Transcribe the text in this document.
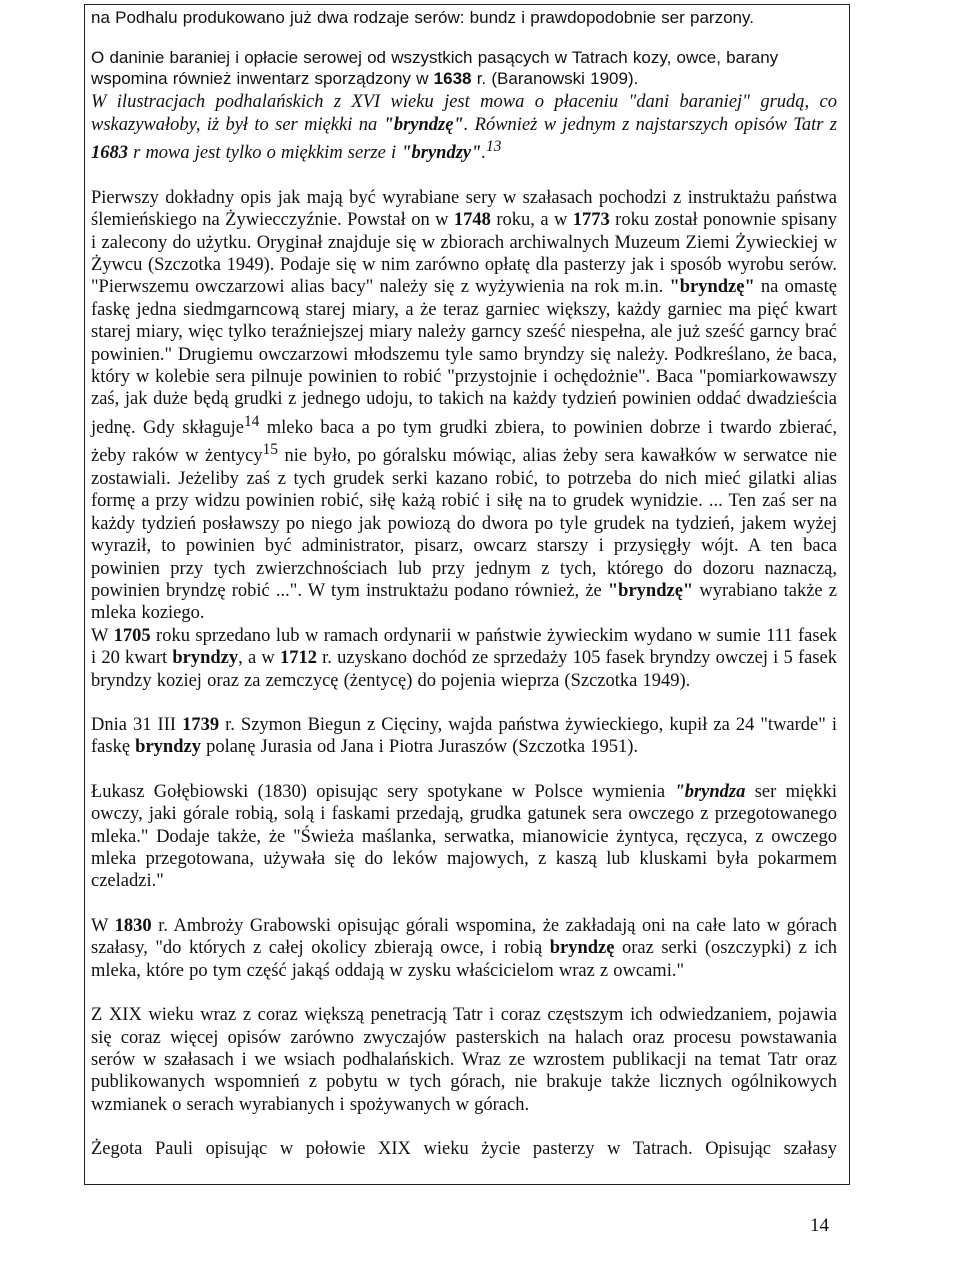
na Podhalu produkowano już dwa rodzaje serów: bundz i prawdopodobnie ser parzony.

O daninie baraniej i opłacie serowej od wszystkich pasących w Tatrach kozy, owce, barany wspomina również inwentarz sporządzony w 1638 r. (Baranowski 1909).

W ilustracjach podhalańskich z XVI wieku jest mowa o płaceniu "dani baraniej" grudą, co wskazywałoby, iż był to ser miękki na "bryndzę". Również w jednym z najstarszych opisów Tatr z 1683 r mowa jest tylko o miękkim serze i "bryndzy".$^{13}$

Pierwszy dokładny opis jak mają być wyrabiane sery w szałasach pochodzi z instruktażu państwa ślemieńskiego na Żywiecczyźnie. Powstał on w 1748 roku, a w 1773 roku został ponownie spisany i zalecony do użytku. Oryginał znajduje się w zbiorach archiwalnych Muzeum Ziemi Żywieckiej w Żywcu (Szczotka 1949). Podaje się w nim zarówno opłatę dla pasterzy jak i sposób wyrobu serów. "Pierwszemu owczarzowi alias bacy" należy się z wyżywienia na rok m.in. "bryndzę" na omastę faskę jedna siedmgarncową starej miary, a że teraz garniec większy, każdy garniec ma pięć kwart starej miary, więc tylko teraźniejszej miary należy garncy sześć niespełna, ale już sześć garncy brać powinien." Drugiemu owczarzowi młodszemu tyle samo bryndzy się należy. Podkreślano, że baca, który w kolebie sera pilnuje powinien to robić "przystojnie i ochędożnie". Baca "pomiarkowawszy zaś, jak duże będą grudki z jednego udoju, to takich na każdy tydzień powinien oddać dwadzieścia jednę. Gdy skłaguje$^{14}$ mleko baca a po tym grudki zbiera, to powinien dobrze i twardo zbierać, żeby raków w żentycy$^{15}$ nie było, po góralsku mówiąc, alias żeby sera kawałków w serwatce nie zostawiali. Jeżeliby zaś z tych grudek serki kazano robić, to potrzeba do nich mieć gilatki alias formę a przy widzu powinien robić, siłę każą robić i siłę na to grudek wynidzie. ... Ten zaś ser na każdy tydzień posławszy po niego jak powiozą do dwora po tyle grudek na tydzień, jakem wyżej wyraził, to powinien być administrator, pisarz, owcarz starszy i przysięgły wójt. A ten baca powinien przy tych zwierzchnościach lub przy jednym z tych, którego do dozoru naznaczą, powinien bryndzę robić ...". W tym instruktażu podano również, że "bryndzę" wyrabiano także z mleka koziego.

W 1705 roku sprzedano lub w ramach ordynarii w państwie żywieckim wydano w sumie 111 fasek i 20 kwart bryndzy, a w 1712 r. uzyskano dochód ze sprzedaży 105 fasek bryndzy owczej i 5 fasek bryndzy koziej oraz za zemczycę (żentycę) do pojenia wieprza (Szczotka 1949).

Dnia 31 III 1739 r. Szymon Biegun z Cięciny, wajda państwa żywieckiego, kupił za 24 "twarde" i faskę bryndzy polanę Jurasia od Jana i Piotra Juraszów (Szczotka 1951).

Łukasz Gołębiowski (1830) opisując sery spotykane w Polsce wymienia "bryndza ser miękki owczy, jaki górale robią, solą i faskami przedają, grudka gatunek sera owczego z przegotowanego mleka." Dodaje także, że "Świeża maślanka, serwatka, mianowicie żyntyca, ręczyca, z owczego mleka przegotowana, używała się do leków majowych, z kaszą lub kluskami była pokarmem czeladzi."

W 1830 r. Ambroży Grabowski opisując górali wspomina, że zakładają oni na całe lato w górach szałasy, "do których z całej okolicy zbierają owce, i robią bryndzę oraz serki (oszczypki) z ich mleka, które po tym część jakąś oddają w zysku właścicielom wraz z owcami."

Z XIX wieku wraz z coraz większą penetracją Tatr i coraz częstszym ich odwiedzaniem, pojawia się coraz więcej opisów zarówno zwyczajów pasterskich na halach oraz procesu powstawania serów w szałasach i we wsiach podhalańskich. Wraz ze wzrostem publikacji na temat Tatr oraz publikowanych wspomnień z pobytu w tych górach, nie brakuje także licznych ogólnikowych wzmianek o serach wyrabianych i spożywanych w górach.

Żegota Pauli opisując w połowie XIX wieku życie pasterzy w Tatrach. Opisując szałasy

14
